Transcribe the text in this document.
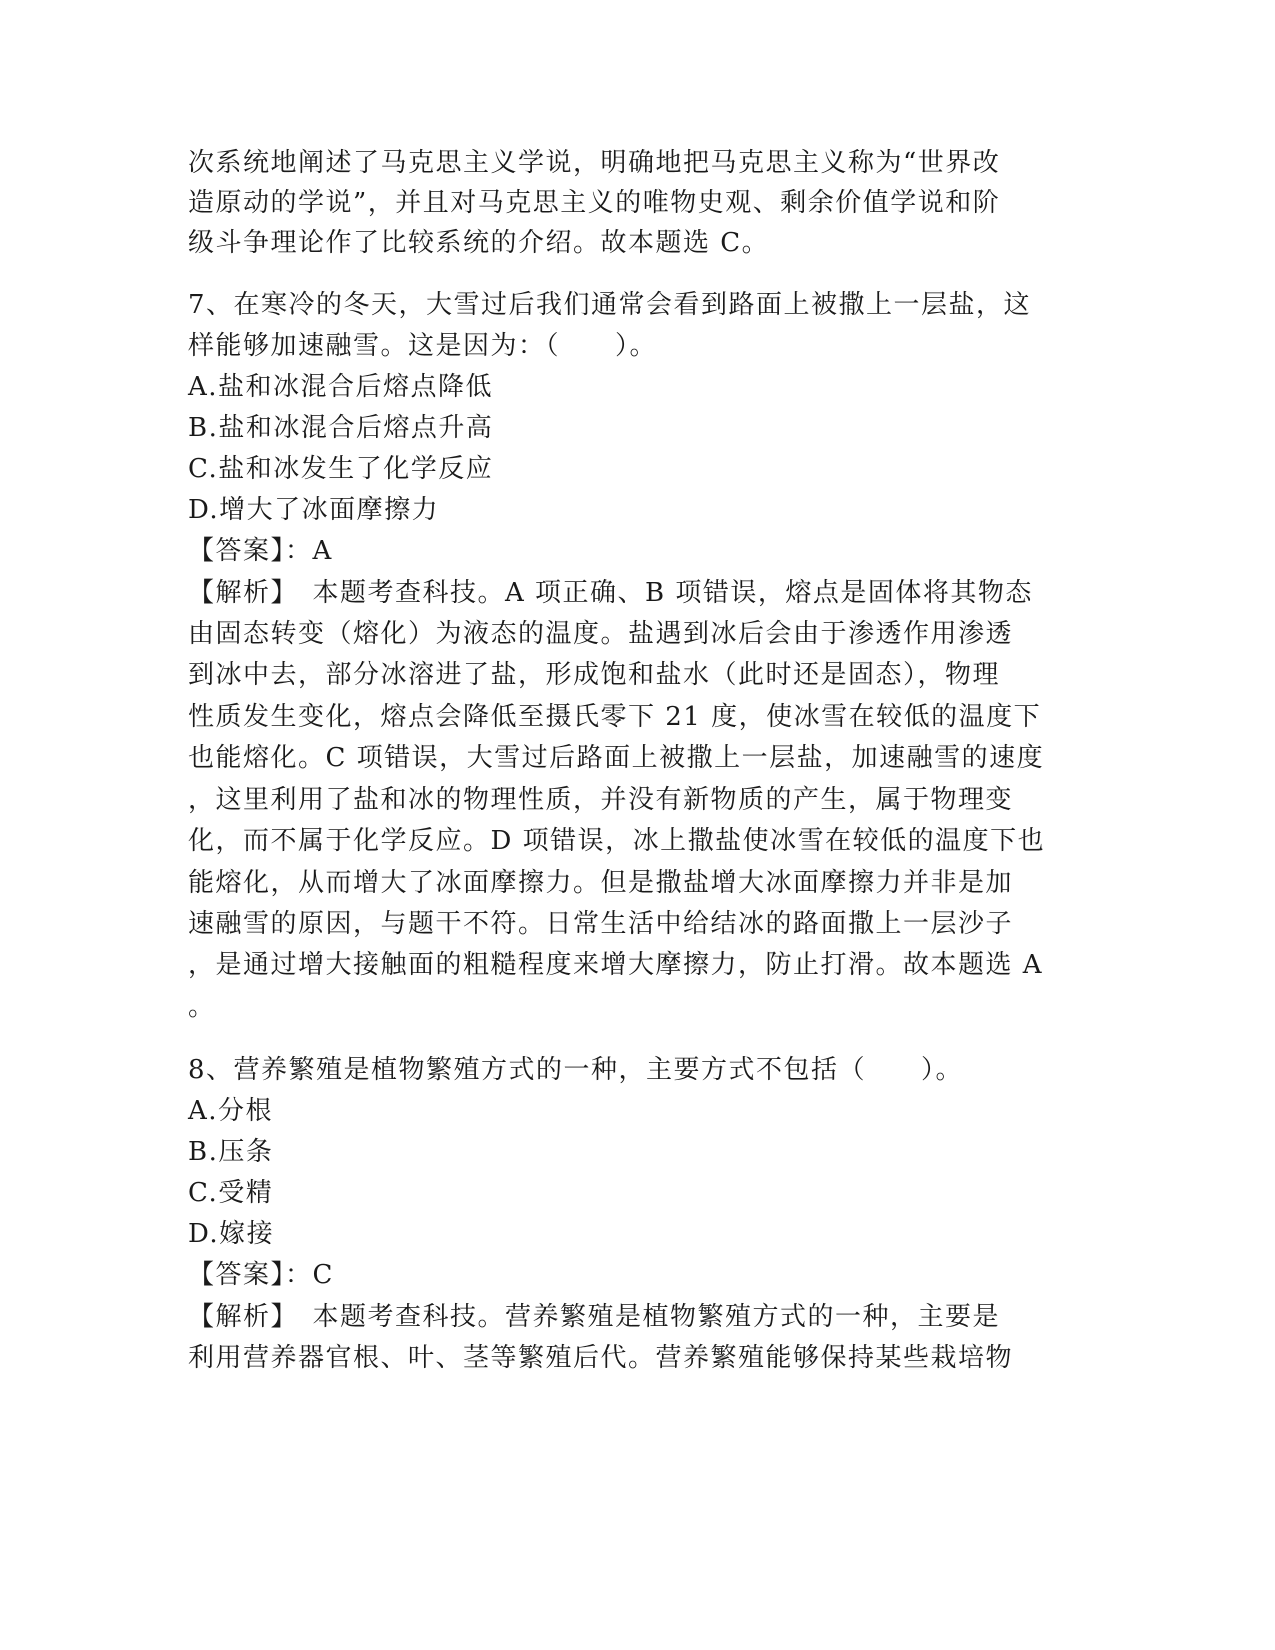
次系统地阐述了马克思主义学说，明确地把马克思主义称为“世界改
造原动的学说”，并且对马克思主义的唯物史观、剩余价值学说和阶
级斗争理论作了比较系统的介绍。故本题选 C。
7、在寒冷的冬天，大雪过后我们通常会看到路面上被撒上一层盐，这
样能够加速融雪。这是因为：（　　）。
A.盐和冰混合后熔点降低
B.盐和冰混合后熔点升高
C.盐和冰发生了化学反应
D.增大了冰面摩擦力
【答案】：A
【解析】　本题考查科技。A 项正确、B 项错误，熔点是固体将其物态
由固态转变（熔化）为液态的温度。盐遇到冰后会由于渗透作用渗透
到冰中去，部分冰溶进了盐，形成饱和盐水（此时还是固态），物理
性质发生变化，熔点会降低至摄氏零下 21 度，使冰雪在较低的温度下
也能熔化。C 项错误，大雪过后路面上被撒上一层盐，加速融雪的速度
，这里利用了盐和冰的物理性质，并没有新物质的产生，属于物理变
化，而不属于化学反应。D 项错误，冰上撒盐使冰雪在较低的温度下也
能熔化，从而增大了冰面摩擦力。但是撒盐增大冰面摩擦力并非是加
速融雪的原因，与题干不符。日常生活中给结冰的路面撒上一层沙子
，是通过增大接触面的粗糙程度来增大摩擦力，防止打滑。故本题选 A
。
8、营养繁殖是植物繁殖方式的一种，主要方式不包括（　　）。
A.分根
B.压条
C.受精
D.嫁接
【答案】：C
【解析】　本题考查科技。营养繁殖是植物繁殖方式的一种，主要是
利用营养器官根、叶、茎等繁殖后代。营养繁殖能够保持某些栽培物
